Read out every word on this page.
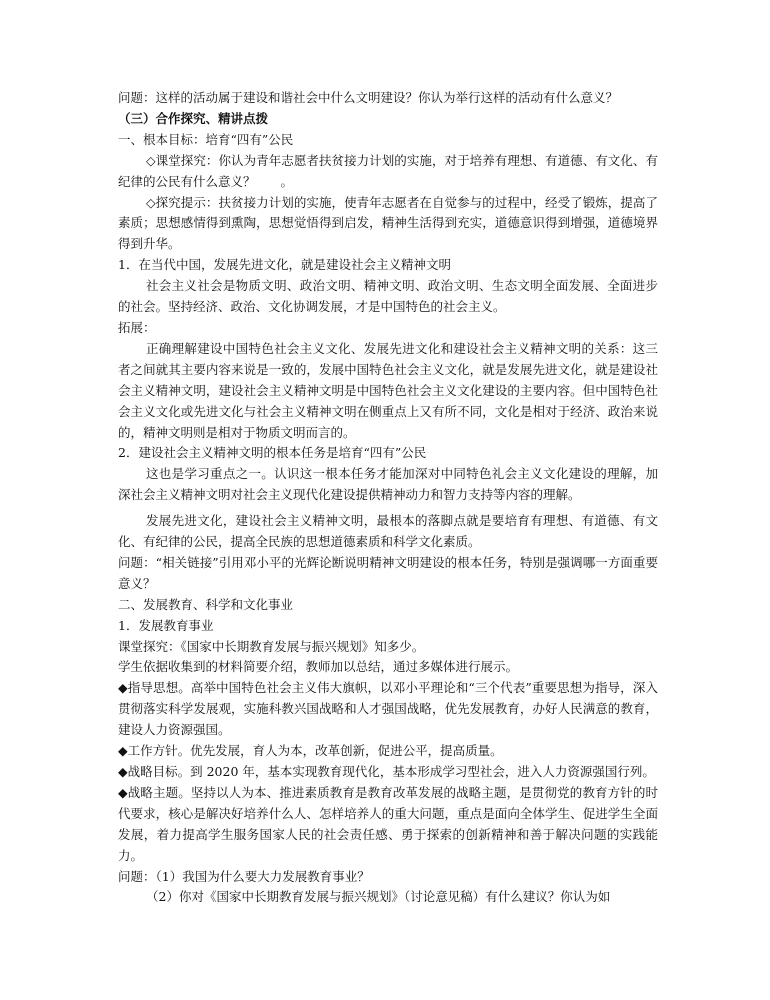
问题：这样的活动属于建设和谐社会中什么文明建设？你认为举行这样的活动有什么意义？

（三）合作探究、精讲点拨

一、根本目标：培育“四有”公民

◇课堂探究：你认为青年志愿者扶贫接力计划的实施，对于培养有理想、有道德、有文化、有纪律的公民有什么意义？　　。

◇探究提示：扶贫接力计划的实施，使青年志愿者在自觉参与的过程中，经受了锻炼，提高了素质；思想感情得到熏陶，思想觉悟得到启发，精神生活得到充实，道德意识得到增强，道德境界得到升华。

1．在当代中国，发展先进文化，就是建设社会主义精神文明

社会主义社会是物质文明、政治文明、精神文明、政治文明、生态文明全面发展、全面进步的社会。坚持经济、政治、文化协调发展，才是中国特色的社会主义。

拓展：

正确理解建设中国特色社会主义文化、发展先进文化和建设社会主义精神文明的关系：这三者之间就其主要内容来说是一致的，发展中国特色社会主义文化，就是发展先进文化，就是建设社会主义精神文明，建设社会主义精神文明是中国特色社会主义文化建设的主要内容。但中国特色社会主义文化或先进文化与社会主义精神文明在侧重点上又有所不同，文化是相对于经济、政治来说的，精神文明则是相对于物质文明而言的。

2．建设社会主义精神文明的根本任务是培育“四有”公民

这也是学习重点之一。认识这一根本任务才能加深对中同特色礼会主义文化建设的理解，加深社会主义精神文明对社会主义现代化建设提供精神动力和智力支持等内容的理解。

发展先进文化，建设社会主义精神文明，最根本的落脚点就是要培育有理想、有道德、有文化、有纪律的公民，提高全民族的思想道德素质和科学文化素质。

问题：“相关链接”引用邓小平的光辉论断说明精神文明建设的根本任务，特别是强调哪一方面重要意义？

二、发展教育、科学和文化事业

1．发展教育事业

课堂探究：《国家中长期教育发展与振兴规划》知多少。

学生依据收集到的材料简要介绍，教师加以总结，通过多媒体进行展示。

◆指导思想。高举中国特色社会主义伟大旗帜，以邓小平理论和“三个代表”重要思想为指导，深入贯彻落实科学发展观，实施科教兴国战略和人才强国战略，优先发展教育，办好人民满意的教育，建设人力资源强国。

◆工作方针。优先发展，育人为本，改革创新，促进公平，提高质量。

◆战略目标。到 2020 年，基本实现教育现代化，基本形成学习型社会，进入人力资源强国行列。

◆战略主题。坚持以人为本、推进素质教育是教育改革发展的战略主题，是贯彻党的教育方针的时代要求，核心是解决好培养什么人、怎样培养人的重大问题，重点是面向全体学生、促进学生全面发展，着力提高学生服务国家人民的社会责任感、勇于探索的创新精神和善于解决问题的实践能力。

问题：（1）我国为什么要大力发展教育事业？

（2）你对《国家中长期教育发展与振兴规划》（讨论意见稿）有什么建议？你认为如
